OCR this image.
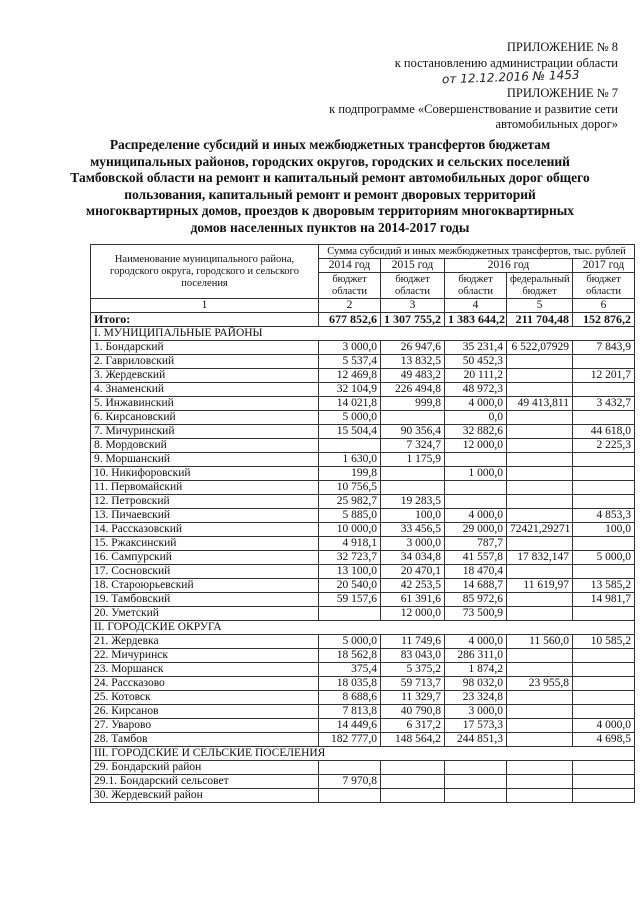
ПРИЛОЖЕНИЕ № 8
к постановлению администрации области
от 12.12.2016 № 1453
ПРИЛОЖЕНИЕ № 7
к подпрограмме «Совершенствование и развитие сети автомобильных дорог»
Распределение субсидий и иных межбюджетных трансфертов бюджетам муниципальных районов, городских округов, городских и сельских поселений Тамбовской области на ремонт и капитальный ремонт автомобильных дорог общего пользования, капитальный ремонт и ремонт дворовых территорий многоквартирных домов, проездов к дворовым территориям многоквартирных домов населенных пунктов на 2014-2017 годы
Наименование муниципального района, городского округа, городского и сельского поселения	Сумма субсидий и иных межбюджетных трансфертов, тыс. рублей				
	2014 год	2015 год	2016 год		2017 год
	бюджет области	бюджет области	бюджет области	федеральный бюджет	бюджет области
1	2	3	4	5	6
Итого:	677 852,6	1 307 755,2	1 383 644,2	211 704,48	152 876,2
I. МУНИЦИПАЛЬНЫЕ РАЙОНЫ					
1. Бондарский	3 000,0	26 947,6	35 231,4	6 522,07929	7 843,9
2. Гавриловский	5 537,4	13 832,5	50 452,3		
3. Жердевский	12 469,8	49 483,2	20 111,2		12 201,7
4. Знаменский	32 104,9	226 494,8	48 972,3		
5. Инжавинский	14 021,8	999,8	4 000,0	49 413,811	3 432,7
6. Кирсановский	5 000,0		0,0		
7. Мичуринский	15 504,4	90 356,4	32 882,6		44 618,0
8. Мордовский		7 324,7	12 000,0		2 225,3
9. Моршанский	1 630,0	1 175,9			
10. Никифоровский	199,8		1 000,0		
11. Первомайский	10 756,5				
12. Петровский	25 982,7	19 283,5			
13. Пичаевский	5 885,0	100,0	4 000,0		4 853,3
14. Рассказовский	10 000,0	33 456,5	29 000,0	72421,29271	100,0
15. Ржаксинский	4 918,1	3 000,0	787,7		
16. Сампурский	32 723,7	34 034,8	41 557,8	17 832,147	5 000,0
17. Сосновский	13 100,0	20 470,1	18 470,4		
18. Староюрьевский	20 540,0	42 253,5	14 688,7	11 619,97	13 585,2
19. Тамбовский	59 157,6	61 391,6	85 972,6		14 981,7
20. Уметский		12 000,0	73 500,9		
II. ГОРОДСКИЕ ОКРУГА					
21. Жердевка	5 000,0	11 749,6	4 000,0	11 560,0	10 585,2
22. Мичуринск	18 562,8	83 043,0	286 311,0		
23. Моршанск	375,4	5 375,2	1 874,2		
24. Рассказово	18 035,8	59 713,7	98 032,0	23 955,8	
25. Котовск	8 688,6	11 329,7	23 324,8		
26. Кирсанов	7 813,8	40 790,8	3 000,0		
27. Уварово	14 449,6	6 317,2	17 573,3		4 000,0
28. Тамбов	182 777,0	148 564,2	244 851,3		4 698,5
III. ГОРОДСКИЕ И СЕЛЬСКИЕ ПОСЕЛЕНИЯ					
29. Бондарский район					
29.1. Бондарский сельсовет	7 970,8				
30. Жердевский район					
